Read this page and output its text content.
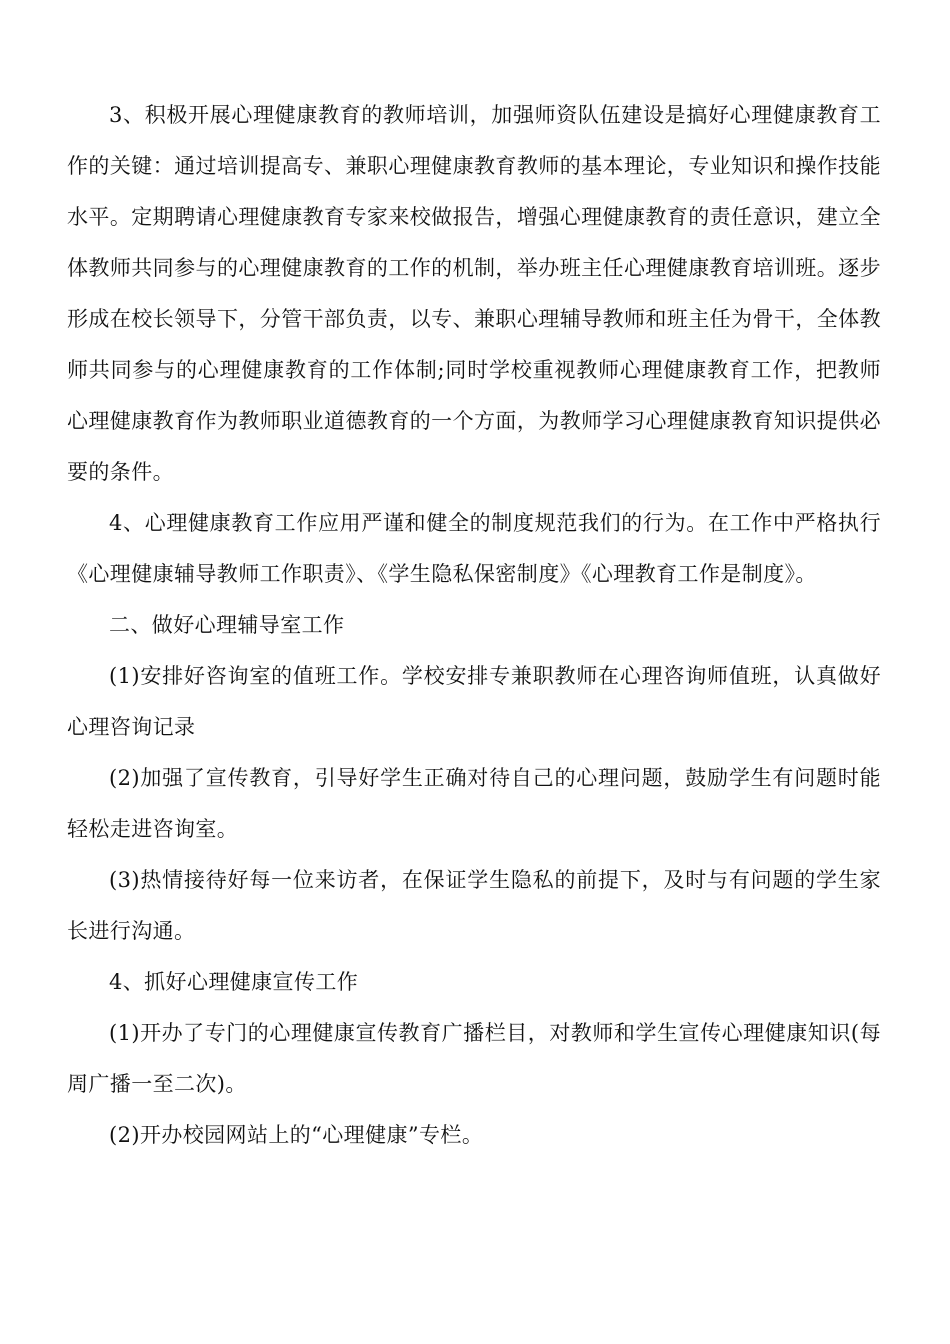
3、积极开展心理健康教育的教师培训，加强师资队伍建设是搞好心理健康教育工作的关键：通过培训提高专、兼职心理健康教育教师的基本理论，专业知识和操作技能水平。定期聘请心理健康教育专家来校做报告，增强心理健康教育的责任意识，建立全体教师共同参与的心理健康教育的工作的机制，举办班主任心理健康教育培训班。逐步形成在校长领导下，分管干部负责，以专、兼职心理辅导教师和班主任为骨干，全体教师共同参与的心理健康教育的工作体制;同时学校重视教师心理健康教育工作，把教师心理健康教育作为教师职业道德教育的一个方面，为教师学习心理健康教育知识提供必要的条件。

4、心理健康教育工作应用严谨和健全的制度规范我们的行为。在工作中严格执行《心理健康辅导教师工作职责》、《学生隐私保密制度》《心理教育工作是制度》。

二、做好心理辅导室工作

(1)安排好咨询室的值班工作。学校安排专兼职教师在心理咨询师值班，认真做好心理咨询记录

(2)加强了宣传教育，引导好学生正确对待自己的心理问题，鼓励学生有问题时能轻松走进咨询室。

(3)热情接待好每一位来访者，在保证学生隐私的前提下，及时与有问题的学生家长进行沟通。

4、抓好心理健康宣传工作

(1)开办了专门的心理健康宣传教育广播栏目，对教师和学生宣传心理健康知识(每周广播一至二次)。

(2)开办校园网站上的“心理健康”专栏。
